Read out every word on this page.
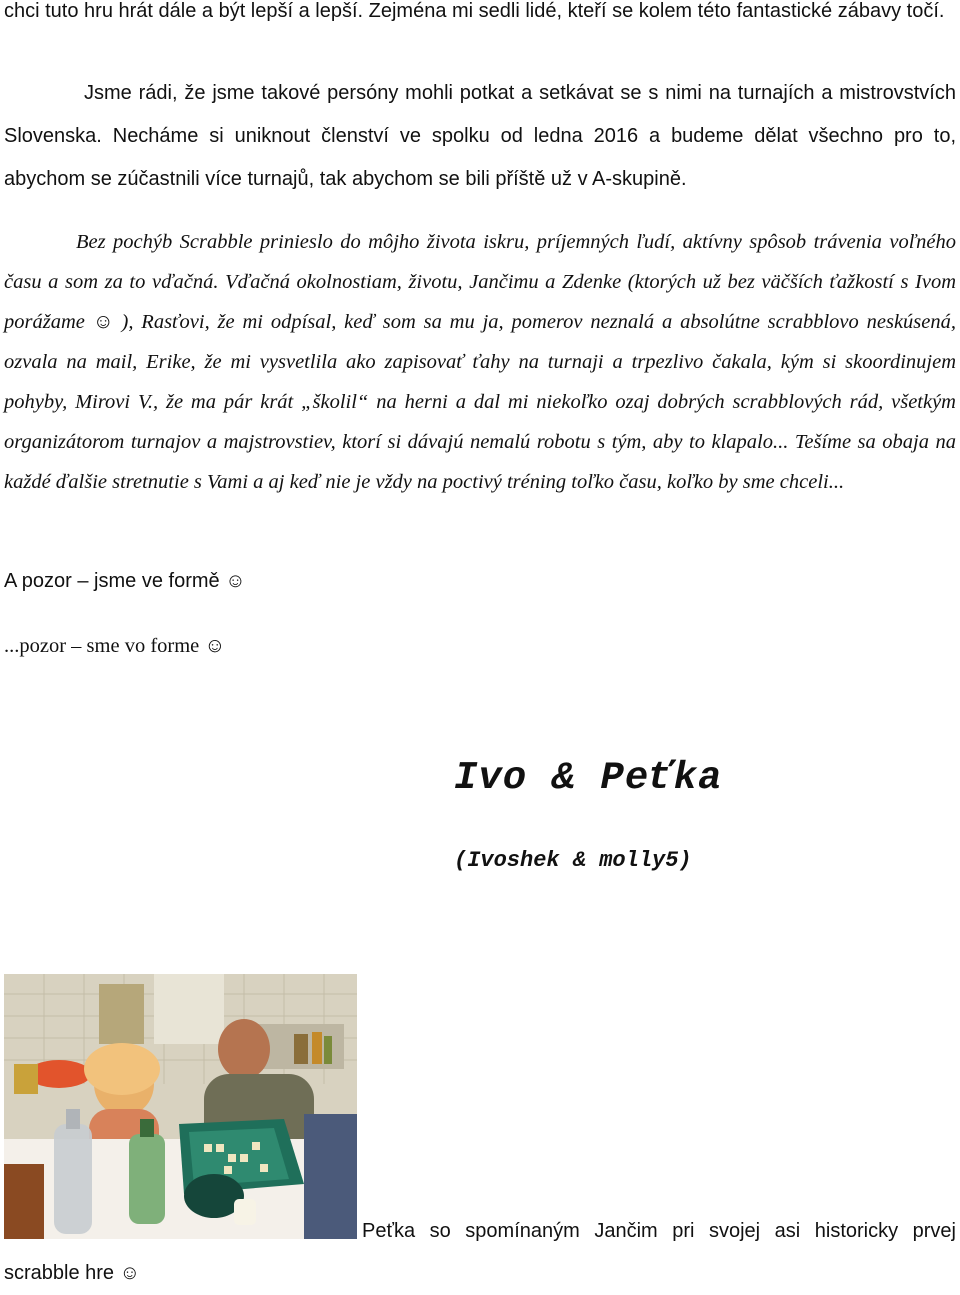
chci tuto hru hrát dále a být lepší a lepší. Zejména mi sedli lidé, kteří se kolem této fantastické zábavy točí.
Jsme rádi, že jsme takové persóny mohli potkat a setkávat se s nimi na turnajích a mistrovstvích Slovenska. Necháme si uniknout členství ve spolku od ledna 2016 a budeme dělat všechno pro to, abychom se zúčastnili více turnajů, tak abychom se bili příště už v A-skupině.
Bez pochýb Scrabble prinieslo do môjho života iskru, príjemných ľudí, aktívny spôsob trávenia voľného času a som za to vďačná. Vďačná okolnostiam, životu, Jančimu a Zdenke (ktorých už bez väčších ťažkostí s Ivom porážame ☺ ), Rasťovi, že mi odpísal, keď som sa mu ja, pomerov neznalá a absolútne scrabblovo neskúsená, ozvala na mail, Erike, že mi vysvetlila ako zapisovať ťahy na turnaji a trpezlivo čakala, kým si skoordinujem pohyby, Mirovi V., že ma pár krát „školil“ na herni a dal mi niekoľko ozaj dobrých scrabblových rád, všetkým organizátorom turnajov a majstrovstiev, ktorí si dávajú nemalú robotu s tým, aby to klapalo... Tešíme sa obaja na každé ďalšie stretnutie s Vami a aj keď nie je vždy na poctivý tréning toľko času, koľko by sme chceli...
A pozor – jsme ve formě ☺
...pozor – sme vo forme ☺
Ivo & Peťka
(Ivoshek & molly5)
Peťka so spomínaným Jančim pri svojej asi historicky prvej
scrabble hre ☺
